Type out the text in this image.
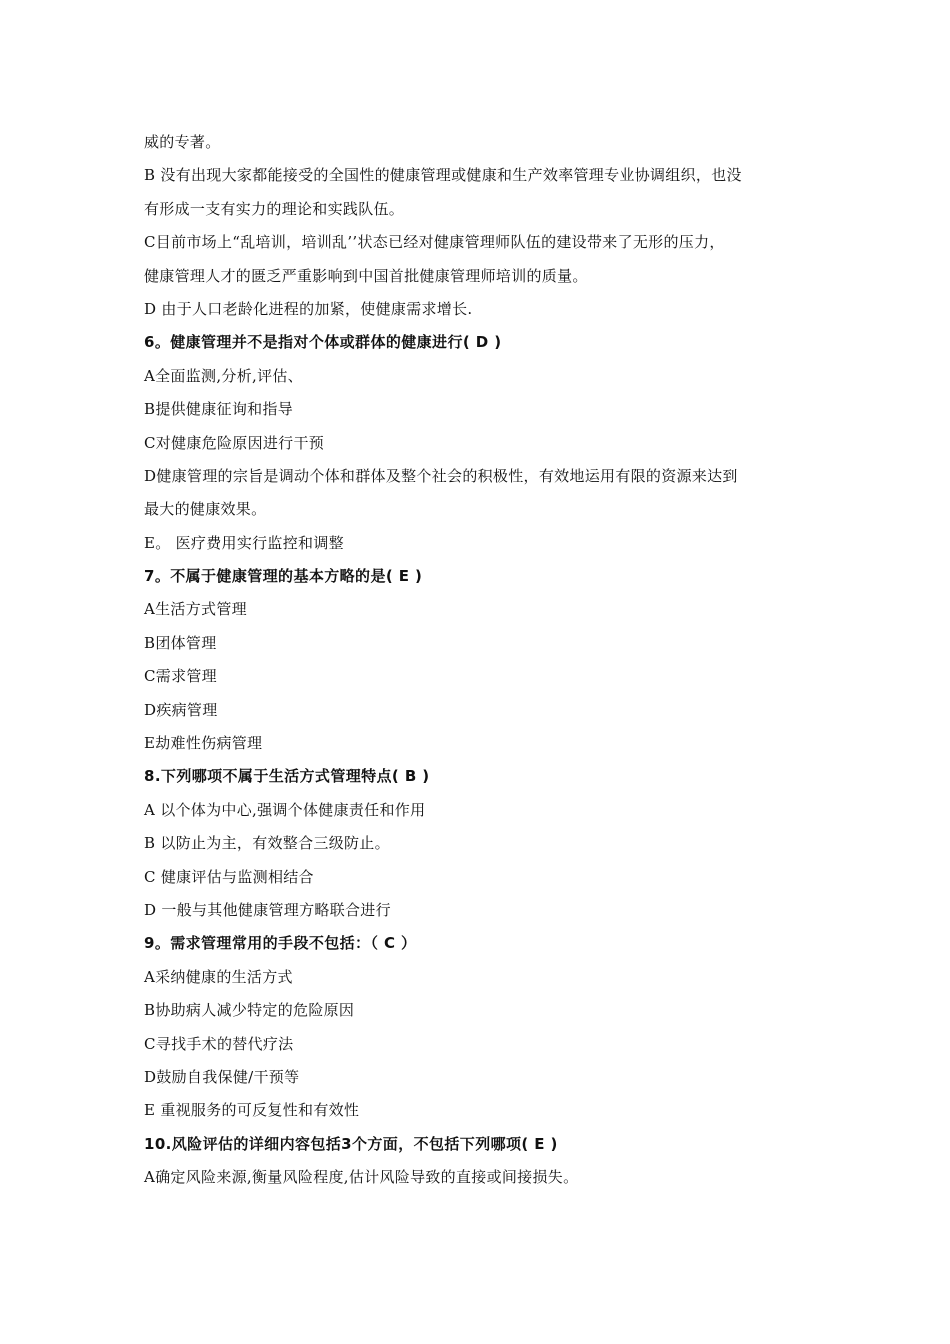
威的专著。
B 没有出现大家都能接受的全国性的健康管理或健康和生产效率管理专业协调组织，也没
有形成一支有实力的理论和实践队伍。
C目前市场上“乱培训，培训乱’’状态已经对健康管理师队伍的建设带来了无形的压力，
健康管理人才的匮乏严重影响到中国首批健康管理师培训的质量。
D 由于人口老龄化进程的加紧，使健康需求增长.
6。健康管理并不是指对个体或群体的健康进行( D )
A全面监测,分析,评估、
B提供健康征询和指导
C对健康危险原因进行干预
D健康管理的宗旨是调动个体和群体及整个社会的积极性，有效地运用有限的资源来达到
最大的健康效果。
E。 医疗费用实行监控和调整
7。不属于健康管理的基本方略的是( E )
A生活方式管理
B团体管理
C需求管理
D疾病管理
E劫难性伤病管理
8.下列哪项不属于生活方式管理特点( B )
A 以个体为中心,强调个体健康责任和作用
B 以防止为主，有效整合三级防止。
C 健康评估与监测相结合
D 一般与其他健康管理方略联合进行
9。需求管理常用的手段不包括：（ C ）
A采纳健康的生活方式
B协助病人减少特定的危险原因
C寻找手术的替代疗法
D鼓励自我保健/干预等
E 重视服务的可反复性和有效性
10.风险评估的详细内容包括3个方面，不包括下列哪项( E )
A确定风险来源,衡量风险程度,估计风险导致的直接或间接损失。
